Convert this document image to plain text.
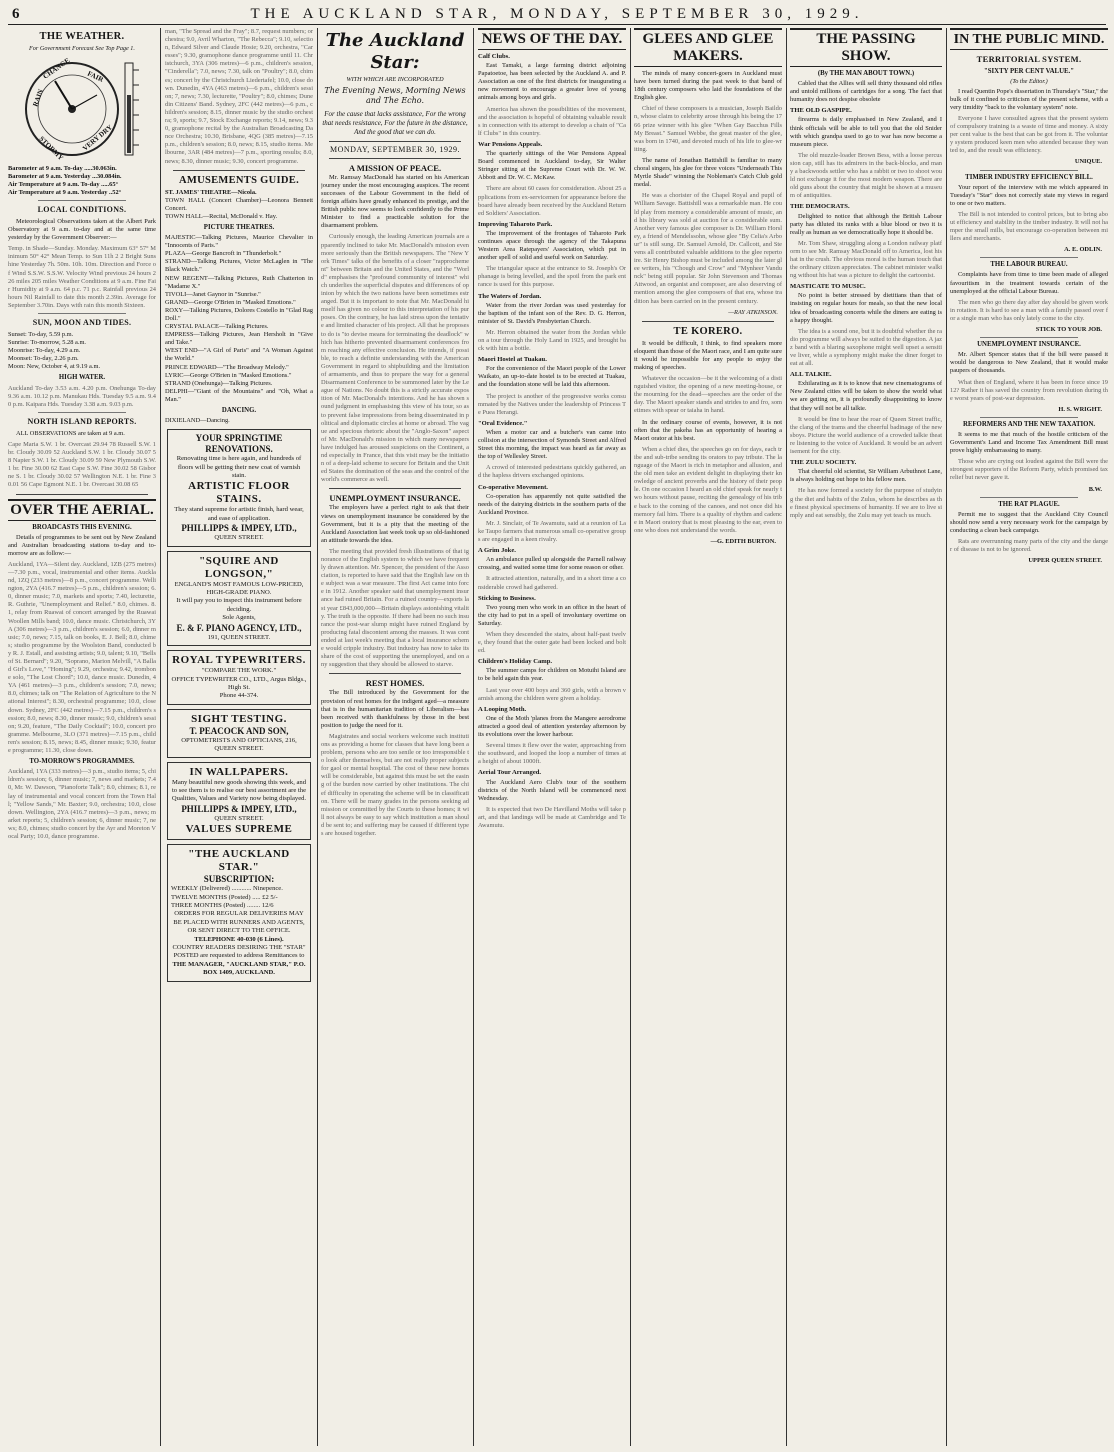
6	THE AUCKLAND STAR, MONDAY, SEPTEMBER 30, 1929.
THE WEATHER.
For Government Forecast See Top Page 1.
RAIN
CHANGE FAIR
STORMY VERY DRY
Barometer at 9 a.m. To-day .....30.063in.
Barometer at 9 a.m. Yesterday ...30.084in.
Air Temperature at 9 a.m. To-day .....65°
Air Temperature at 9 a.m. Yesterday ..52°
LOCAL CONDITIONS.
Meteorological Observations taken at the Albert Park Observatory at 9 a.m. to-day and at the same time yesterday by the Government Observer:—
Temp. in Shade—Sunday. Monday. Maximum 63° 57° Minimum 50° 42° Mean Temp. to Sun 11h 2 2 Bright Sunshine Yesterday 7h. 50m. 10h. 10m. Direction and Force of Wind S.S.W. S.S.W. Velocity Wind previous 24 hours 226 miles 205 miles Weather Conditions at 9 a.m. Fine Fair Humidity at 9 a.m. 64 p.c. 71 p.c. Rainfall previous 24 hours Nil Rainfall to date this month 2.39in. Average for September 3.70in. Days with rain this month Sixteen.
SUN, MOON AND TIDES.
Sunset: To-day, 5.59 p.m.
Sunrise: To-morrow, 5.28 a.m.
Moonrise: To-day, 4.29 a.m.
Moonset: To-day, 2.26 p.m.
Moon: New, October 4, at 9.19 a.m.
HIGH WATER.
Auckland To-day 3.53 a.m. 4.20 p.m. Onehunga To-day 9.36 a.m. 10.12 p.m. Manukau Hds. Tuesday 9.5 a.m. 9.40 p.m. Kaipara Hds. Tuesday 3.38 a.m. 9.03 p.m.
NORTH ISLAND REPORTS.
ALL OBSERVATIONS are taken at 9 a.m.
Cape Maria S.W. 1 br. Overcast 29.94 78 Russell S.W. 1 br. Cloudy 30.09 52 Auckland S.W. 1 br. Cloudy 30.07 58 Napier S.W. 1 br. Cloudy 30.09 59 New Plymouth S.W. 1 br. Fine 30.00 62 East Cape S.W. Fine 30.02 58 Gisborne S. 1 br. Cloudy 30.02 57 Wellington N.E. 1 br. Fine 30.01 56 Cape Egmont N.E. 1 br. Overcast 30.08 65
OVER THE AERIAL.
BROADCASTS THIS EVENING.
Details of programmes to be sent out by New Zealand and Australian broadcasting stations to-day and to-morrow are as follow:—
Auckland, 1YA—Silent day. Auckland, 1ZB (275 metres)—7.30 p.m., vocal, instrumental and other items. Auckland, 1ZQ (233 metres)—8 p.m., concert programme. Wellington, 2YA (416.7 metres)—5 p.m., children's session; 6.0, dinner music; 7.0, markets and sports; 7.40, lecturette, R. Guthrie, "Unemployment and Relief." 8.0, chimes. 8.1, relay from Ruawai of concert arranged by the Ruawai Woollen Mills band; 10.0, dance music. Christchurch, 3YA (306 metres)—3 p.m., children's session; 6.0, dinner music; 7.0, news; 7.15, talk on books, E. J. Bell; 8.0, chimes; studio programme by the Woolston Band, conducted by R. J. Estall, and assisting artists; 9.0, talent; 9.10, "Bells of St. Bernard"; 9.20, "Soprano, Marion Melvill, "A Ballad Girl's Love," "Homing"; 9.29, orchestra; 9.42, trombone solo, "The Lost Chord"; 10.0, dance music. Dunedin, 4YA (461 metres)—3 p.m., children's session; 7.0, news; 8.0, chimes; talk on "The Relation of Agriculture to the National Interest"; 8.30, orchestral programme; 10.0, close down. Sydney, 2FC (442 metres)—7.15 p.m., children's session; 8.0, news; 8.30, dinner music; 9.0, children's session; 9.20, feature, "The Daily Cocktail"; 10.0, concert programme. Melbourne, 3LO (371 metres)—7.15 p.m., children's session; 8.15, news; 8.45, dinner music; 9.30, feature programme; 11.30, close down.
TO-MORROW'S PROGRAMMES.
Auckland, 1YA (333 metres)—3 p.m., studio items; 5, children's session; 6, dinner music; 7, news and markets; 7.40, Mr. W. Dawson, "Pianoforte Talk"; 8.0, chimes; 8.1, relay of instrumental and vocal concert from the Town Hall; "Yellow Sands," Mr. Baxter; 9.0, orchestra; 10.0, close down. Wellington, 2YA (416.7 metres)—3 p.m., news; market reports; 5, children's session; 6, dinner music; 7, news; 8.0, chimes; studio concert by the Ayr and Moreton Vocal Party; 10.0, dance programme.
man, "The Spread and the Fray"; 8.7, request numbers; orchestra; 9.0, Avril Wharton, "The Rebecca"; 9.10, selection, Edward Silver and Claude Hosie; 9.20, orchestra, "Caresses"; 9.30, gramophone dance programme until 11. Christchurch, 3YA (306 metres)—6 p.m., children's session, "Cinderella"; 7.0, news; 7.30, talk on "Poultry"; 8.0, chimes; concert by the Christchurch Liedertafel; 10.0, close down. Dunedin, 4YA (463 metres)—6 p.m., children's session; 7, news; 7.30, lecturette, "Poultry"; 8.0, chimes; Dunedin Citizens' Band. Sydney, 2FC (442 metres)—6 p.m., children's session; 8.15, dinner music by the studio orchestra; 9, sports; 9.7, Stock Exchange reports; 9.14, news; 9.30, gramophone recital by the Australian Broadcasting Dance Orchestra; 10.30, Brisbane, 4QG (385 metres)—7.15 p.m., children's session; 8.0, news; 8.15, studio items. Melbourne, 3AR (484 metres)—7 p.m., sporting results; 8.0, news; 8.30, dinner music; 9.30, concert programme.
AMUSEMENTS GUIDE.
ST. JAMES' THEATRE—Nicola.
TOWN HALL (Concert Chamber)—Leonora Bennett Concert.
TOWN HALL—Recital, McDonald v. Hay.
PICTURE THEATRES.
MAJESTIC—Talking Pictures, Maurice Chevalier in "Innocents of Paris."
PLAZA—George Bancroft in "Thunderbolt."
STRAND—Talking Pictures, Victor McLaglen in "The Black Watch."
NEW REGENT—Talking Pictures, Ruth Chatterton in "Madame X."
TIVOLI—Janet Gaynor in "Sunrise."
GRAND—George O'Brien in "Masked Emotions."
ROXY—Talking Pictures, Dolores Costello in "Glad Rag Doll."
CRYSTAL PALACE—Talking Pictures.
EMPRESS—Talking Pictures, Jean Hersholt in "Give and Take."
WEST END—"A Girl of Paris" and "A Woman Against the World."
PRINCE EDWARD—"The Broadway Melody."
LYRIC—George O'Brien in "Masked Emotions."
STRAND (Onehunga)—Talking Pictures.
DELPHI—"Giant of the Mountains" and "Oh, What a Man."
DANCING.
DIXIELAND—Dancing.
YOUR SPRINGTIME RENOVATIONS.
Renovating time is here again, and hundreds of floors will be getting their new coat of varnish stain.
ARTISTIC FLOOR STAINS.
They stand supreme for artistic finish, hard wear, and ease of application.
PHILLIPPS & IMPEY, LTD.,
QUEEN STREET.
"SQUIRE AND LONGSON,"
ENGLAND'S MOST FAMOUS LOW-PRICED, HIGH-GRADE PIANO.
It will pay you to inspect this instrument before deciding.
Sole Agents,
E. & F. PIANO AGENCY, LTD.,
191, QUEEN STREET.
ROYAL TYPEWRITERS.
"COMPARE THE WORK."
OFFICE TYPEWRITER CO., LTD., Argus Bldgs., High St.
Phone 44-374.
SIGHT TESTING.
T. PEACOCK AND SON,
OPTOMETRISTS AND OPTICIANS, 216, QUEEN STREET.
IN WALLPAPERS.
Many beautiful new goods showing this week, and to see them is to realise our best assortment are the Qualities, Values and Variety now being displayed.
PHILLIPPS & IMPEY, LTD.,
QUEEN STREET.
VALUES SUPREME
"THE AUCKLAND STAR."
SUBSCRIPTION:
WEEKLY (Delivered) ............ Ninepence.
TWELVE MONTHS (Posted) ..... £2 5/-
THREE MONTHS (Posted) ........ 12/6
ORDERS FOR REGULAR DELIVERIES MAY BE PLACED WITH RUNNERS AND AGENTS, OR SENT DIRECT TO THE OFFICE.
TELEPHONE 40-030 (6 Lines).
COUNTRY READERS DESIRING THE "STAR" POSTED are requested to address Remittances to
THE MANAGER, "AUCKLAND STAR," P.O. BOX 1409, AUCKLAND.
The Auckland Star:
WITH WHICH ARE INCORPORATED
The Evening News, Morning News and The Echo.
For the cause that lacks assistance, For the wrong that needs resistance, For the future in the distance, And the good that we can do.
MONDAY, SEPTEMBER 30, 1929.
A MISSION OF PEACE.
Mr. Ramsay MacDonald has started on his American journey under the most encouraging auspices. The recent successes of the Labour Government in the field of foreign affairs have greatly enhanced its prestige, and the British public now seems to look confidently to the Prime Minister to find a practicable solution for the disarmament problem.
Curiously enough, the leading American journals are apparently inclined to take Mr. MacDonald's mission even more seriously than the British newspapers. The "New York Times" talks of the benefits of a closer "rapprochement" between Britain and the United States, and the "World" emphasises the "profound community of interest" which underlies the superficial disputes and differences of opinion by which the two nations have been sometimes estranged. But it is important to note that Mr. MacDonald himself has given no colour to this interpretation of his purposes. On the contrary, he has laid stress upon the tentative and limited character of his project. All that he proposes to do is "to devise means for terminating the deadlock" which has hitherto prevented disarmament conferences from reaching any effective conclusion. He intends, if possible, to reach a definite understanding with the American Government in regard to shipbuilding and the limitation of armaments, and thus to prepare the way for a general Disarmament Conference to be summoned later by the League of Nations. No doubt this is a strictly accurate exposition of Mr. MacDonald's intentions. And he has shown sound judgment in emphasising this view of his tour, so as to prevent false impressions from being disseminated in political and diplomatic circles at home or abroad. The vague and specious rhetoric about the "Anglo-Saxon" aspect of Mr. MacDonald's mission in which many newspapers have indulged has aroused suspicions on the Continent, and especially in France, that this visit may be the initiation of a deep-laid scheme to secure for Britain and the United States the domination of the seas and the control of the world's commerce as well.
UNEMPLOYMENT INSURANCE.
The employers have a perfect right to ask that their views on unemployment insurance be considered by the Government, but it is a pity that the meeting of the Auckland Association last week took up so old-fashioned an attitude towards the idea.
The meeting that provided fresh illustrations of that ignorance of the English system to which we have frequently drawn attention. Mr. Spencer, the president of the Association, is reported to have said that the English law on the subject was a war measure. The first Act came into force in 1912. Another speaker said that unemployment insurance had ruined Britain. For a ruined country—exports last year £843,000,000—Britain displays astonishing vitality. The truth is the opposite. If there had been no such insurance the post-war slump might have ruined England by producing fatal discontent among the masses. It was contended at last week's meeting that a local insurance scheme would cripple industry. But industry has now to take its share of the cost of supporting the unemployed, and on any suggestion that they should be allowed to starve.
REST HOMES.
The Bill introduced by the Government for the provision of rest homes for the indigent aged—a measure that is in the humanitarian tradition of Liberalism—has been received with thankfulness by those in the best position to judge the need for it.
Magistrates and social workers welcome such institutions as providing a home for classes that have long been a problem, persons who are too senile or too irresponsible to look after themselves, but are not really proper subjects for gaol or mental hospital. The cost of these new homes will be considerable, but against this must be set the easing of the burden now carried by other institutions. The chief difficulty in operating the scheme will be in classification. There will be many grades in the persons seeking admission or committed by the Courts to these homes; it will not always be easy to say which institution a man should be sent to; and suffering may be caused if different types are housed together.
NEWS OF THE DAY.
Calf Clubs.
East Tamaki, a large farming district adjoining Papatoetoe, has been selected by the Auckland A. and P. Association as one of the first districts for inaugurating a new movement to encourage a greater love of young animals among boys and girls.
America has shown the possibilities of the movement, and the association is hopeful of obtaining valuable results in connection with its attempt to develop a chain of "Calf Clubs" in this country.
War Pensions Appeals.
The quarterly sittings of the War Pensions Appeal Board commenced in Auckland to-day, Sir Walter Stringer sitting at the Supreme Court with Dr. W. W. Abbott and Dr. W. C. McKaw.
There are about 60 cases for consideration. About 25 applications from ex-servicemen for appearance before the board have already been received by the Auckland Returned Soldiers' Association.
Improving Taharoto Park.
The improvement of the frontages of Taharoto Park continues apace through the agency of the Takapuna Western Area Ratepayers' Association, which put in another spell of solid and useful work on Saturday.
The triangular space at the entrance to St. Joseph's Orphanage is being levelled, and the spoil from the park entrance is used for this purpose.
The Waters of Jordan.
Water from the river Jordan was used yesterday for the baptism of the infant son of the Rev. D. G. Herron, minister of St. David's Presbyterian Church.
Mr. Herron obtained the water from the Jordan while on a tour through the Holy Land in 1925, and brought back with him a bottle.
Maori Hostel at Tuakau.
For the convenience of the Maori people of the Lower Waikato, an up-to-date hostel is to be erected at Tuakau, and the foundation stone will be laid this afternoon.
The project is another of the progressive works consummated by the Natives under the leadership of Princess Te Puea Herangi.
"Oral Evidence."
When a motor car and a butcher's van came into collision at the intersection of Symonds Street and Alfred Street this morning, the impact was heard as far away as the top of Wellesley Street.
A crowd of interested pedestrians quickly gathered, and the hapless drivers exchanged opinions.
Co-operative Movement.
Co-operation has apparently not quite satisfied the needs of the dairying districts in the southern parts of the Auckland Province.
Mr. J. Sinclair, of Te Awamutu, said at a reunion of Lake Taupo farmers that numerous small co-operative groups are engaged in a keen rivalry.
A Grim Joke.
An ambulance pulled up alongside the Parnell railway crossing, and waited some time for some reason or other.
It attracted attention, naturally, and in a short time a considerable crowd had gathered.
Sticking to Business.
Two young men who work in an office in the heart of the city had to put in a spell of involuntary overtime on Saturday.
When they descended the stairs, about half-past twelve, they found that the outer gate had been locked and bolted.
Children's Holiday Camp.
The summer camps for children on Motuihi Island are to be held again this year.
Last year over 400 boys and 360 girls, with a brown varnish among the children were given a holiday.
A Looping Moth.
One of the Moth 'planes from the Mangere aerodrome attracted a good deal of attention yesterday afternoon by its evolutions over the lower harbour.
Several times it flew over the water, approaching from the southward, and looped the loop a number of times at a height of about 1000ft.
Aerial Tour Arranged.
The Auckland Aero Club's tour of the southern districts of the North Island will be commenced next Wednesday.
It is expected that two De Havilland Moths will take part, and that landings will be made at Cambridge and Te Awamutu.
GLEES AND GLEE MAKERS.
The minds of many concert-goers in Auckland must have been turned during the past week to that band of 18th century composers who laid the foundations of the English glee.
Chief of these composers is a musician, Joseph Baildon, whose claim to celebrity arose through his being the 1766 prize winner with his glee "When Gay Bacchus Fills My Breast." Samuel Webbe, the great master of the glee, was born in 1740, and devoted much of his life to glee-writing.
The name of Jonathan Battishill is familiar to many choral singers, his glee for three voices "Underneath This Myrtle Shade" winning the Nobleman's Catch Club gold medal.
He was a chorister of the Chapel Royal and pupil of William Savage. Battishill was a remarkable man. He could play from memory a considerable amount of music, and his library was sold at auction for a considerable sum. Another very famous glee composer is Dr. William Horsley, a friend of Mendelssohn, whose glee "By Celia's Arbour" is still sung. Dr. Samuel Arnold, Dr. Callcott, and Stevens all contributed valuable additions to the glee repertoire. Sir Henry Bishop must be included among the later glee writers, his "Chough and Crow" and "Mynheer Vandunck" being still popular. Sir John Stevenson and Thomas Attwood, an organist and composer, are also deserving of mention among the glee composers of that era, whose tradition has been carried on in the present century.
—RAY ATKINSON.
TE KORERO.
It would be difficult, I think, to find speakers more eloquent than those of the Maori race, and I am quite sure it would be impossible for any people to enjoy the making of speeches.
Whatever the occasion—be it the welcoming of a distinguished visitor, the opening of a new meeting-house, or the mourning for the dead—speeches are the order of the day. The Maori speaker stands and strides to and fro, sometimes with spear or taiaha in hand.
In the ordinary course of events, however, it is not often that the pakeha has an opportunity of hearing a Maori orator at his best.
When a chief dies, the speeches go on for days, each tribe and sub-tribe sending its orators to pay tribute. The language of the Maori is rich in metaphor and allusion, and the old men take an evident delight in displaying their knowledge of ancient proverbs and the history of their people. On one occasion I heard an old chief speak for nearly two hours without pause, reciting the genealogy of his tribe back to the coming of the canoes, and not once did his memory fail him. There is a quality of rhythm and cadence in Maori oratory that is most pleasing to the ear, even to one who does not understand the words.
—G. EDITH BURTON.
THE PASSING SHOW.
(By THE MAN ABOUT TOWN.)
Cabled that the Allies will sell thirty thousand old rifles and untold millions of cartridges for a song. The fact that humanity does not despise obsolete
THE OLD GASPIPE.
firearms is daily emphasised in New Zealand, and I think officials will be able to tell you that the old Snider with which grandpa used to go to war has now become a museum piece.
The old muzzle-loader Brown Bess, with a loose percussion cap, still has its admirers in the back-blocks, and many a backwoods settler who has a rabbit or two to shoot would not exchange it for the most modern weapon. There are old guns about the country that might be shown at a museum of antiquities.
THE DEMOCRATS.
Delighted to notice that although the British Labour party has diluted its ranks with a blue blood or two it is really as human as we democratically hope it should be.
Mr. Tom Shaw, struggling along a London railway platform to see Mr. Ramsay MacDonald off to America, lost his hat in the crush. The obvious moral is the human touch that the ordinary citizen appreciates. The cabinet minister walking without his hat was a picture to delight the cartoonist.
MASTICATE TO MUSIC.
No point is better stressed by dietitians than that of insisting on regular hours for meals, so that the new local idea of broadcasting concerts while the diners are eating is a happy thought.
The idea is a sound one, but it is doubtful whether the radio programme will always be suited to the digestion. A jazz band with a blaring saxophone might well upset a sensitive liver, while a symphony might make the diner forget to eat at all.
ALL TALKIE.
Exhilarating as it is to know that new cinematograms of New Zealand cities will be taken to show the world what we are getting on, it is profoundly disappointing to know that they will not be all talkie.
It would be fine to hear the roar of Queen Street traffic, the clang of the trams and the cheerful badinage of the newsboys. Picture the world audience of a crowded talkie theatre listening to the voice of Auckland. It would be an advertisement for the city.
THE ZULU SOCIETY.
That cheerful old scientist, Sir William Arbuthnot Lane, is always holding out hope to his fellow men.
He has now formed a society for the purpose of studying the diet and habits of the Zulus, whom he describes as the finest physical specimens of humanity. If we are to live simply and eat sensibly, the Zulu may yet teach us much.
IN THE PUBLIC MIND.
TERRITORIAL SYSTEM.
"SIXTY PER CENT VALUE."
(To the Editor.)
I read Quentin Pope's dissertation in Thursday's "Star," the bulk of it confined to criticism of the present scheme, with a very timidity "back to the voluntary system" note.
Everyone I have consulted agrees that the present system of compulsory training is a waste of time and money. A sixty per cent value is the best that can be got from it. The voluntary system produced keen men who attended because they wanted to, and the result was efficiency.
UNIQUE.
TIMBER INDUSTRY EFFICIENCY BILL.
Your report of the interview with me which appeared in Tuesday's "Star" does not correctly state my views in regard to one or two matters.
The Bill is not intended to control prices, but to bring about efficiency and stability in the timber industry. It will not hamper the small mills, but encourage co-operation between millers and merchants.
A. E. ODLIN.
THE LABOUR BUREAU.
Complaints have from time to time been made of alleged favouritism in the treatment towards certain of the unemployed at the official Labour Bureau.
The men who go there day after day should be given work in rotation. It is hard to see a man with a family passed over for a single man who has only lately come to the city.
STICK TO YOUR JOB.
UNEMPLOYMENT INSURANCE.
Mr. Albert Spencer states that if the bill were passed it would be dangerous to New Zealand, that it would make paupers of thousands.
What then of England, where it has been in force since 1912? Rather it has saved the country from revolution during the worst years of post-war depression.
H. S. WRIGHT.
REFORMERS AND THE NEW TAXATION.
It seems to me that much of the hostile criticism of the Government's Land and Income Tax Amendment Bill must prove highly embarrassing to many.
Those who are crying out loudest against the Bill were the strongest supporters of the Reform Party, which promised tax relief but never gave it.
B.W.
THE RAT PLAGUE.
Permit me to suggest that the Auckland City Council should now send a very necessary work for the campaign by conducting a clean back campaign.
Rats are overrunning many parts of the city and the danger of disease is not to be ignored.
UPPER QUEEN STREET.
